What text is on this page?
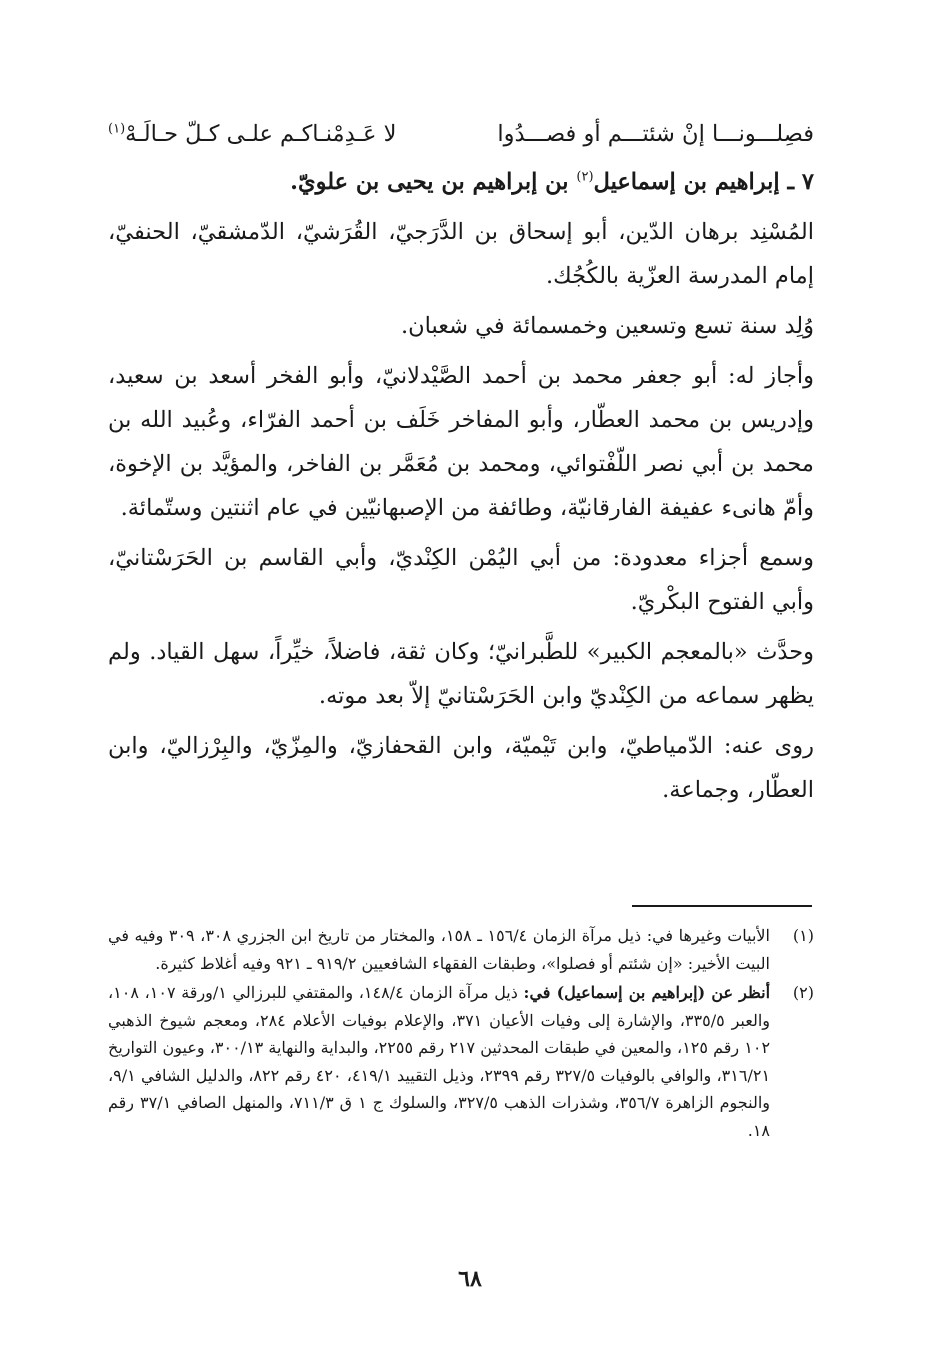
فصِلـــونـــا إنْ شئتـــم أو فصـــدُوا
لا عَـدِمْنـاكـم علـى كـلّ حـالَـهْ$^{(١)}$
٧ ـ إبراهيم بن إسماعيل$^{(٢)}$ بن إبراهيم بن يحيى بن علويّ.

المُسْنِد برهان الدّين، أبو إسحاق بن الدَّرَجيّ، القُرَشيّ، الدّمشقيّ، الحنفيّ، إمام المدرسة العزّية بالكُجُك.

وُلِد سنة تسع وتسعين وخمسمائة في شعبان.

وأجاز له: أبو جعفر محمد بن أحمد الصَّيْدلانيّ، وأبو الفخر أسعد بن سعيد، وإدريس بن محمد العطّار، وأبو المفاخر خَلَف بن أحمد الفرّاء، وعُبيد الله بن محمد بن أبي نصر اللّفْتوائي، ومحمد بن مُعَمَّر بن الفاخر، والمؤيَّد بن الإخوة، وأمّ هانىء عفيفة الفارقانيّة، وطائفة من الإصبهانيّين في عام اثنتين وستّمائة.

وسمع أجزاء معدودة: من أبي اليُمْن الكِنْديّ، وأبي القاسم بن الحَرَسْتانيّ، وأبي الفتوح البكْريّ.

وحدَّث «بالمعجم الكبير» للطَّبرانيّ؛ وكان ثقة، فاضلاً، خيِّراً، سهل القياد. ولم يظهر سماعه من الكِنْديّ وابن الحَرَسْتانيّ إلاّ بعد موته.

روى عنه: الدّمياطيّ، وابن تَيْميّة، وابن القحفازيّ، والمِزّيّ، والبِرْزاليّ، وابن العطّار، وجماعة.

(١)
الأبيات وغيرها في: ذيل مرآة الزمان ١٥٦/٤ ـ ١٥٨، والمختار من تاريخ ابن الجزري ٣٠٨، ٣٠٩ وفيه في البيت الأخير: «إن شئتم أو فصلوا»، وطبقات الفقهاء الشافعيين ٩١٩/٢ ـ ٩٢١ وفيه أغلاط كثيرة.
(٢)
أنظر عن (إبراهيم بن إسماعيل) في: ذيل مرآة الزمان ١٤٨/٤، والمقتفي للبرزالي ١/ورقة ١٠٧، ١٠٨، والعبر ٣٣٥/٥، والإشارة إلى وفيات الأعيان ٣٧١، والإعلام بوفيات الأعلام ٢٨٤، ومعجم شيوخ الذهبي ١٠٢ رقم ١٢٥، والمعين في طبقات المحدثين ٢١٧ رقم ٢٢٥٥، والبداية والنهاية ٣٠٠/١٣، وعيون التواريخ ٣١٦/٢١، والوافي بالوفيات ٣٢٧/٥ رقم ٢٣٩٩، وذيل التقييد ٤١٩/١، ٤٢٠ رقم ٨٢٢، والدليل الشافي ٩/١، والنجوم الزاهرة ٣٥٦/٧، وشذرات الذهب ٣٢٧/٥، والسلوك ج ١ ق ٧١١/٣، والمنهل الصافي ٣٧/١ رقم ١٨.
٦٨
